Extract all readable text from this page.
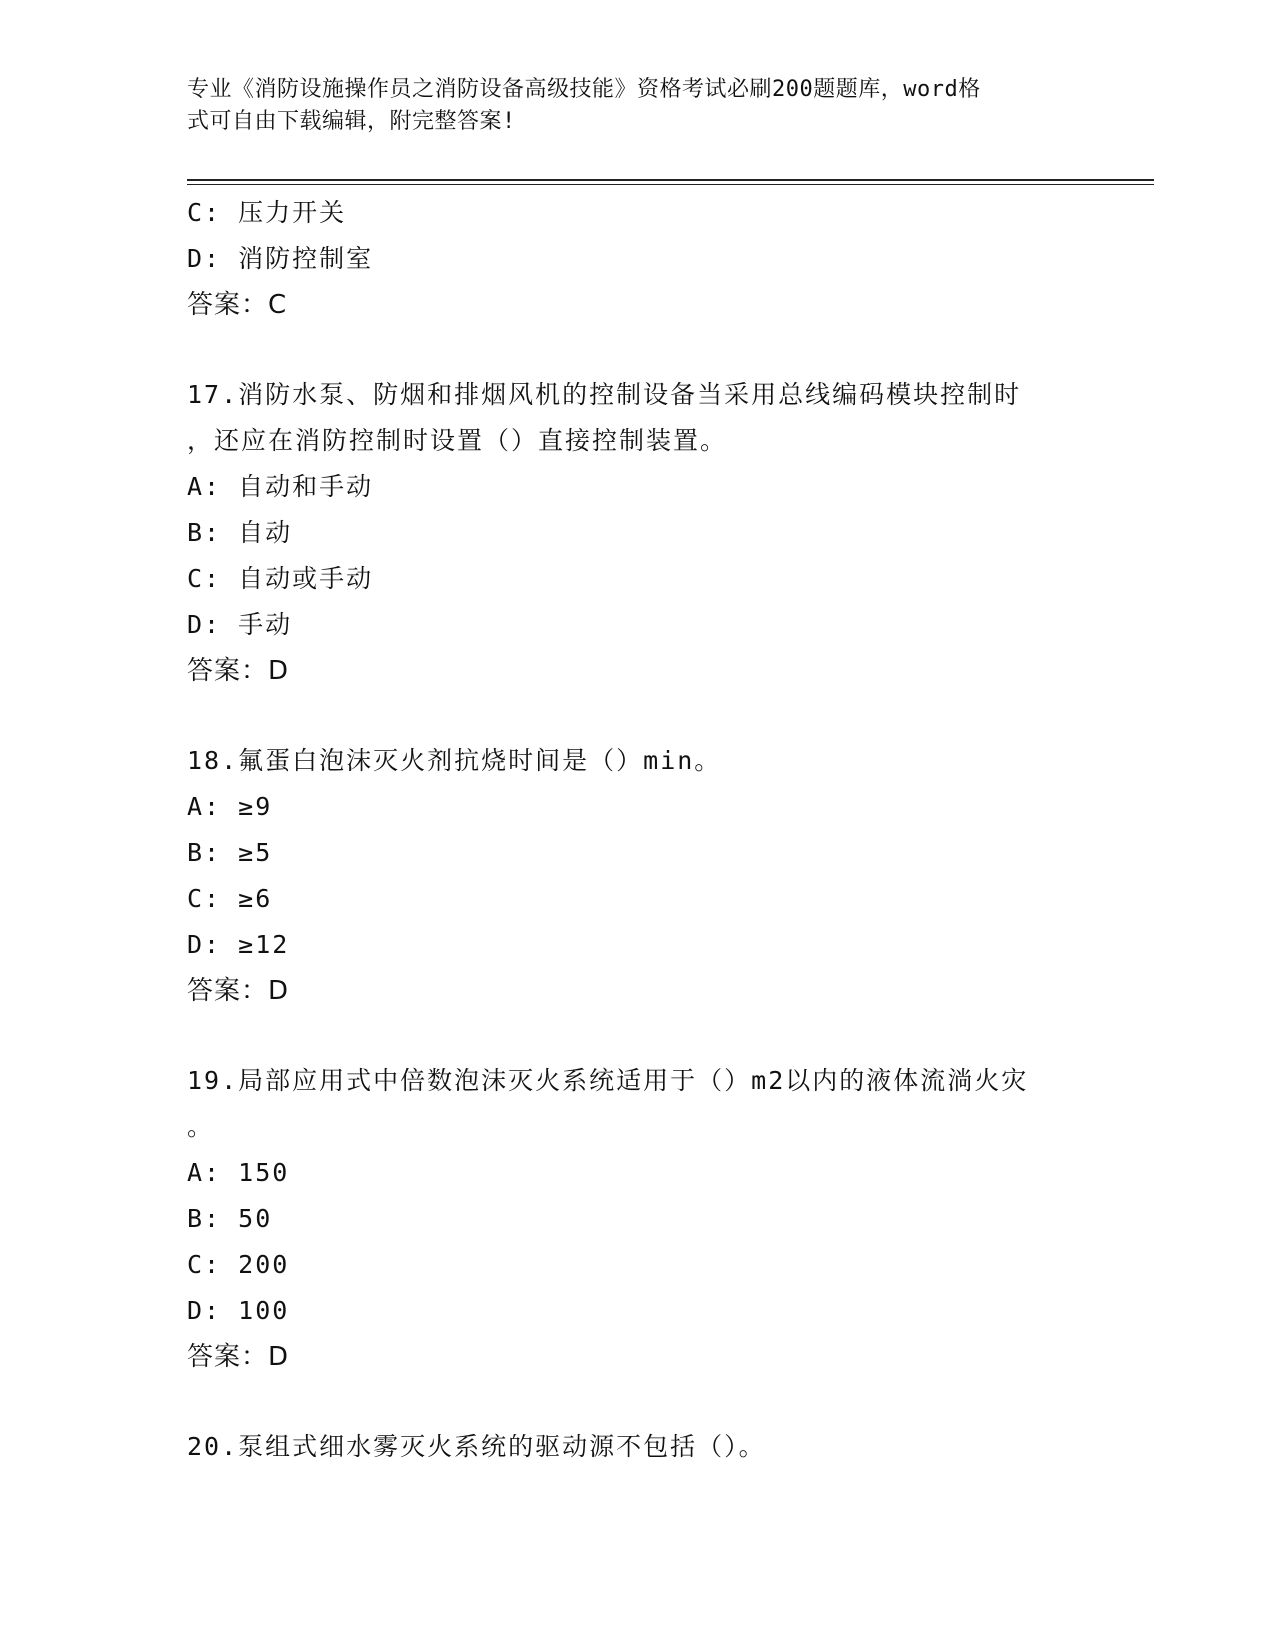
专业《消防设施操作员之消防设备高级技能》资格考试必刷200题题库，word格
式可自由下载编辑，附完整答案!
C: 压力开关
D: 消防控制室
答案：C
17.消防水泵、防烟和排烟风机的控制设备当采用总线编码模块控制时
，还应在消防控制时设置（）直接控制装置。
A: 自动和手动
B: 自动
C: 自动或手动
D: 手动
答案：D
18.氟蛋白泡沫灭火剂抗烧时间是（）min。
A: ≥9
B: ≥5
C: ≥6
D: ≥12
答案：D
19.局部应用式中倍数泡沫灭火系统适用于（）m2以内的液体流淌火灾
。
A: 150
B: 50
C: 200
D: 100
答案：D
20.泵组式细水雾灭火系统的驱动源不包括（）。
